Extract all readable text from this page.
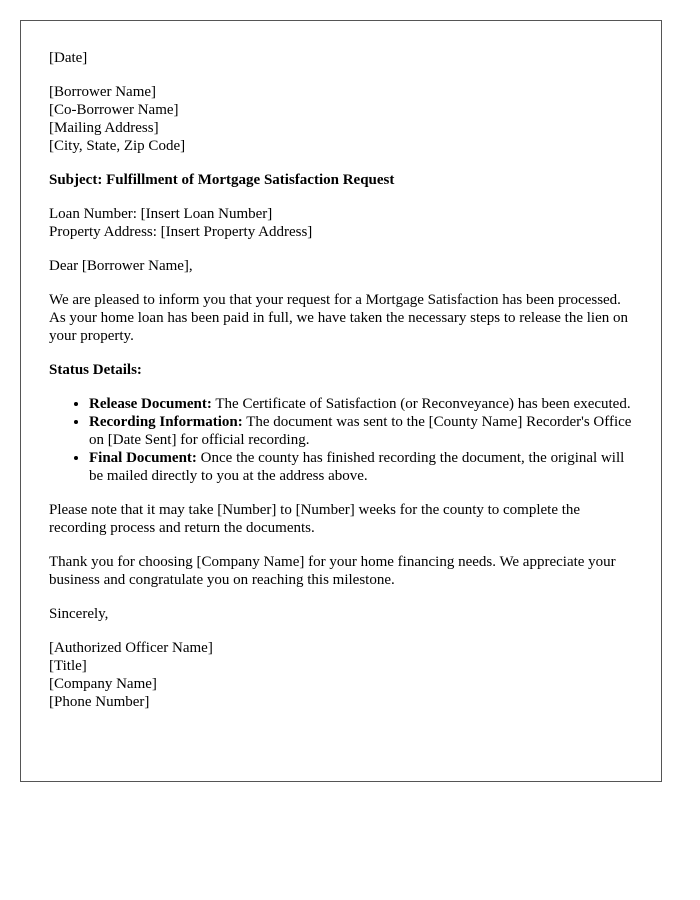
[Date]

[Borrower Name]
[Co-Borrower Name]
[Mailing Address]
[City, State, Zip Code]

Subject: Fulfillment of Mortgage Satisfaction Request

Loan Number: [Insert Loan Number]
Property Address: [Insert Property Address]

Dear [Borrower Name],

We are pleased to inform you that your request for a Mortgage Satisfaction has been processed. As your home loan has been paid in full, we have taken the necessary steps to release the lien on your property.

Status Details:

• Release Document: The Certificate of Satisfaction (or Reconveyance) has been executed.
• Recording Information: The document was sent to the [County Name] Recorder's Office on [Date Sent] for official recording.
• Final Document: Once the county has finished recording the document, the original will be mailed directly to you at the address above.

Please note that it may take [Number] to [Number] weeks for the county to complete the recording process and return the documents.

Thank you for choosing [Company Name] for your home financing needs. We appreciate your business and congratulate you on reaching this milestone.

Sincerely,

[Authorized Officer Name]
[Title]
[Company Name]
[Phone Number]
